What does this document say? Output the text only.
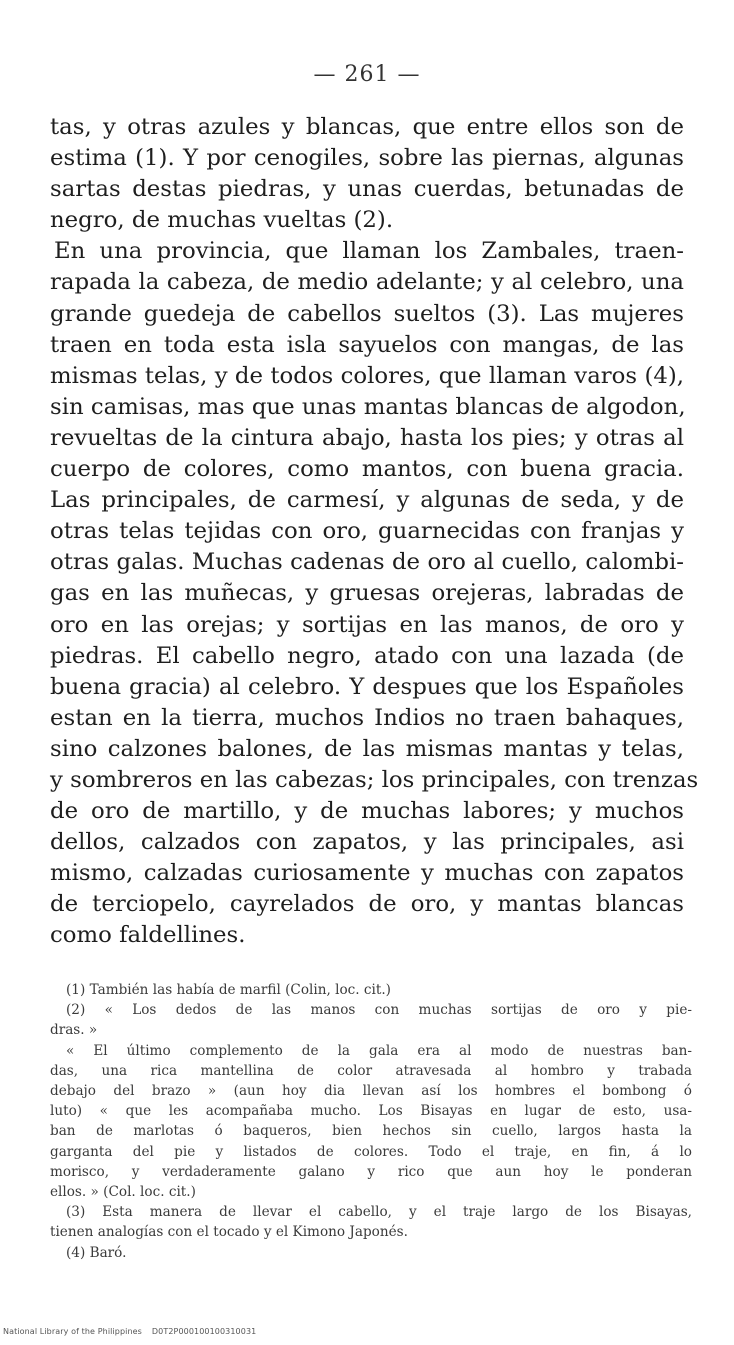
— 261 —
tas, y otras azules y blancas, que entre ellos son de
estima (1). Y por cenogiles, sobre las piernas, algunas
sartas destas piedras, y unas cuerdas, betunadas de
negro, de muchas vueltas (2).
En una provincia, que llaman los Zambales, traen-
rapada la cabeza, de medio adelante; y al celebro, una
grande guedeja de cabellos sueltos (3). Las mujeres
traen en toda esta isla sayuelos con mangas, de las
mismas telas, y de todos colores, que llaman varos (4),
sin camisas, mas que unas mantas blancas de algodon,
revueltas de la cintura abajo, hasta los pies; y otras al
cuerpo de colores, como mantos, con buena gracia.
Las principales, de carmesí, y algunas de seda, y de
otras telas tejidas con oro, guarnecidas con franjas y
otras galas. Muchas cadenas de oro al cuello, calombi-
gas en las muñecas, y gruesas orejeras, labradas de
oro en las orejas; y sortijas en las manos, de oro y
piedras. El cabello negro, atado con una lazada (de
buena gracia) al celebro. Y despues que los Españoles
estan en la tierra, muchos Indios no traen bahaques,
sino calzones balones, de las mismas mantas y telas,
y sombreros en las cabezas; los principales, con trenzas
de oro de martillo, y de muchas labores; y muchos
dellos, calzados con zapatos, y las principales, asi
mismo, calzadas curiosamente y muchas con zapatos
de terciopelo, cayrelados de oro, y mantas blancas
como faldellines.
(1) También las había de marfil (Colin, loc. cit.)
(2) « Los dedos de las manos con muchas sortijas de oro y pie-
dras. »
« El último complemento de la gala era al modo de nuestras ban-
das, una rica mantellina de color atravesada al hombro y trabada
debajo del brazo » (aun hoy dia llevan así los hombres el bombong ó
luto) « que les acompañaba mucho. Los Bisayas en lugar de esto, usa-
ban de marlotas ó baqueros, bien hechos sin cuello, largos hasta la
garganta del pie y listados de colores. Todo el traje, en fin, á lo
morisco, y verdaderamente galano y rico que aun hoy le ponderan
ellos. » (Col. loc. cit.)
(3) Esta manera de llevar el cabello, y el traje largo de los Bisayas,
tienen analogías con el tocado y el Kimono Japonés.
(4) Baró.
National Library of the Philippines D0T2P000100100310031
